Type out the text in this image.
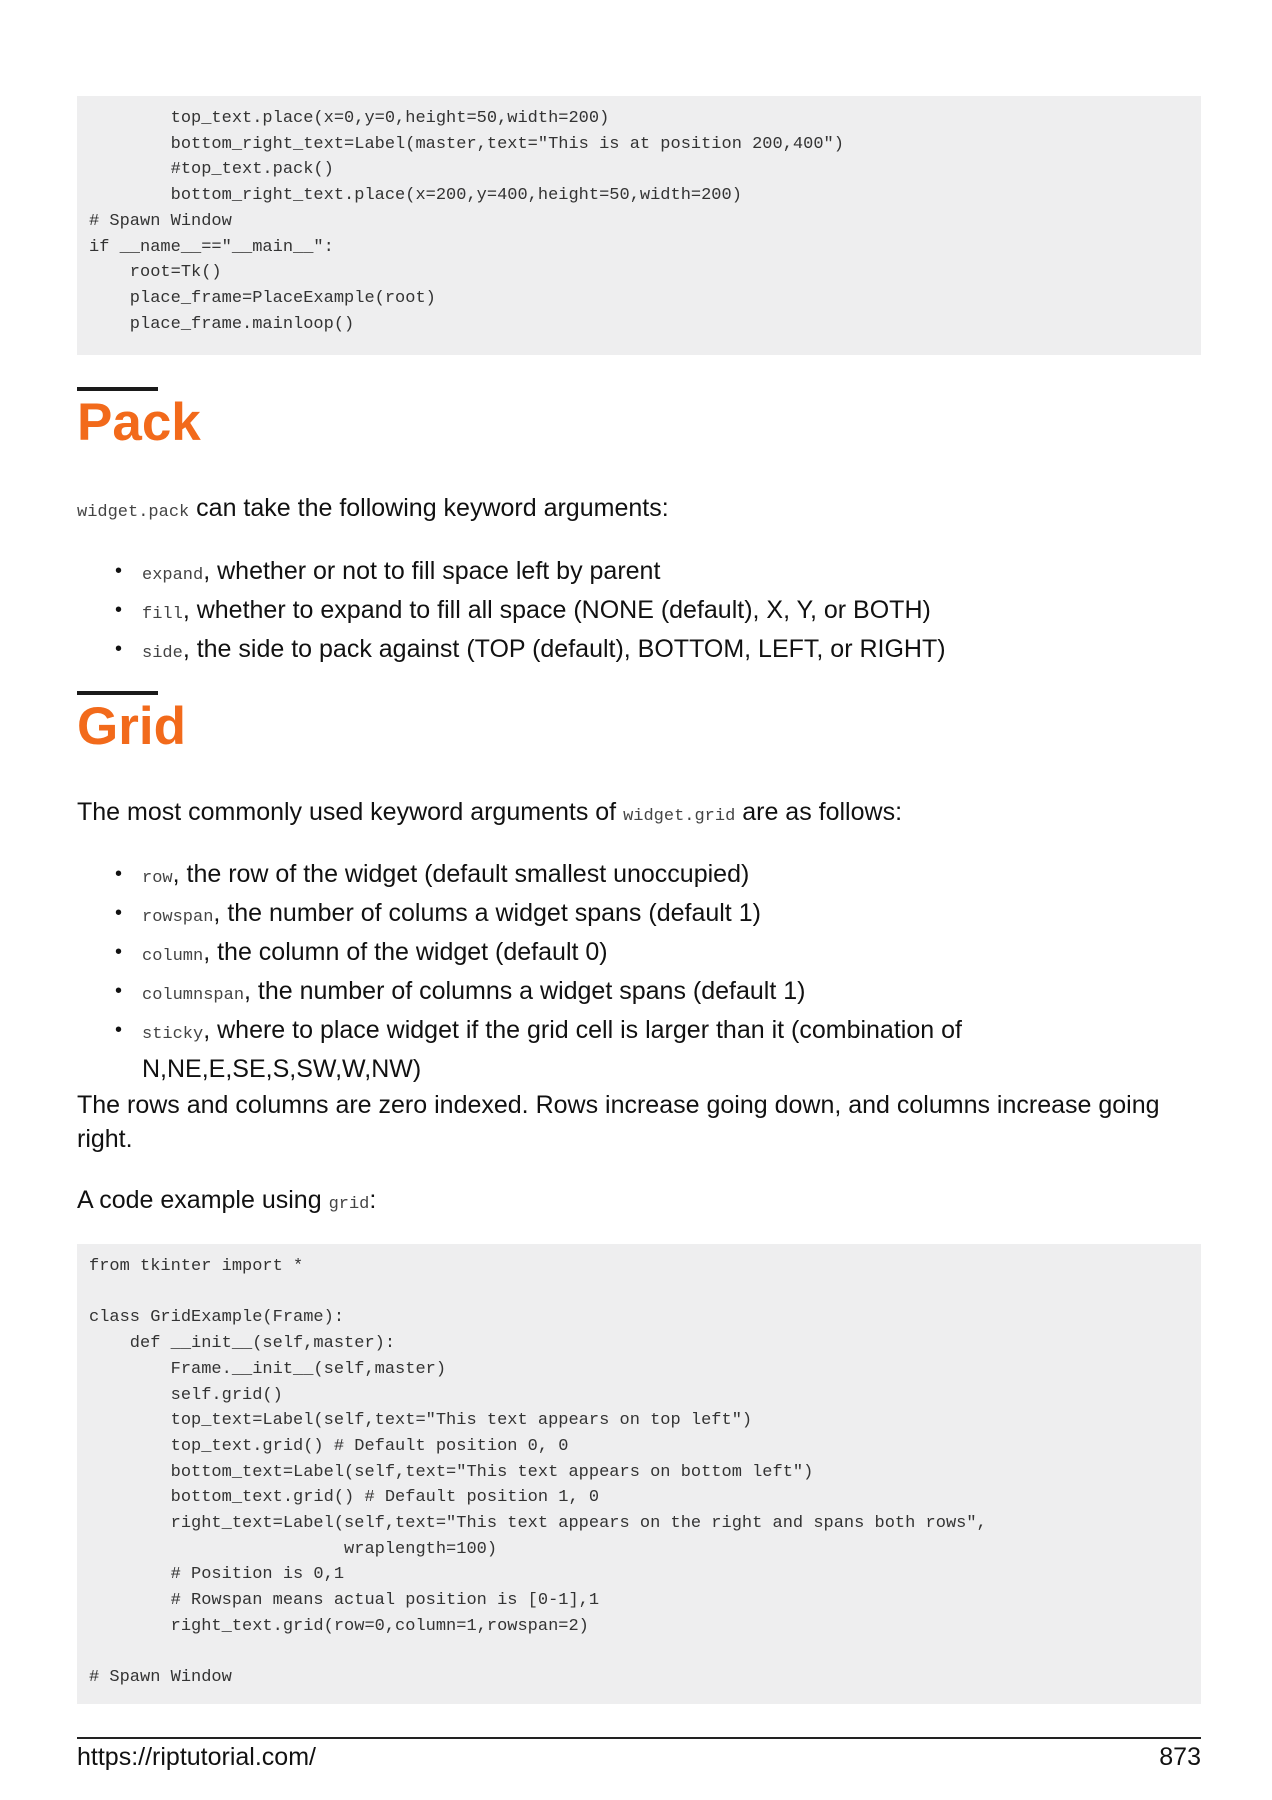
top_text.place(x=0,y=0,height=50,width=200)
bottom_right_text=Label(master,text="This is at position 200,400")
#top_text.pack()
bottom_right_text.place(x=200,y=400,height=50,width=200)
# Spawn Window
if __name__=="__main__":
root=Tk()
place_frame=PlaceExample(root)
place_frame.mainloop()
Pack

widget.pack can take the following keyword arguments:

• expand, whether or not to fill space left by parent
• fill, whether to expand to fill all space (NONE (default), X, Y, or BOTH)
• side, the side to pack against (TOP (default), BOTTOM, LEFT, or RIGHT)
Grid

The most commonly used keyword arguments of widget.grid are as follows:

• row, the row of the widget (default smallest unoccupied)
• rowspan, the number of colums a widget spans (default 1)
• column, the column of the widget (default 0)
• columnspan, the number of columns a widget spans (default 1)
• sticky, where to place widget if the grid cell is larger than it (combination of N,NE,E,SE,S,SW,W,NW)

The rows and columns are zero indexed. Rows increase going down, and columns increase going right.

A code example using grid:

from tkinter import *

class GridExample(Frame):
def __init__(self,master):
Frame.__init__(self,master)
self.grid()
top_text=Label(self,text="This text appears on top left")
top_text.grid() # Default position 0, 0
bottom_text=Label(self,text="This text appears on bottom left")
bottom_text.grid() # Default position 1, 0
right_text=Label(self,text="This text appears on the right and spans both rows",
wraplength=100)
# Position is 0,1
# Rowspan means actual position is [0-1],1
right_text.grid(row=0,column=1,rowspan=2)

# Spawn Window
https://riptutorial.com/	873
